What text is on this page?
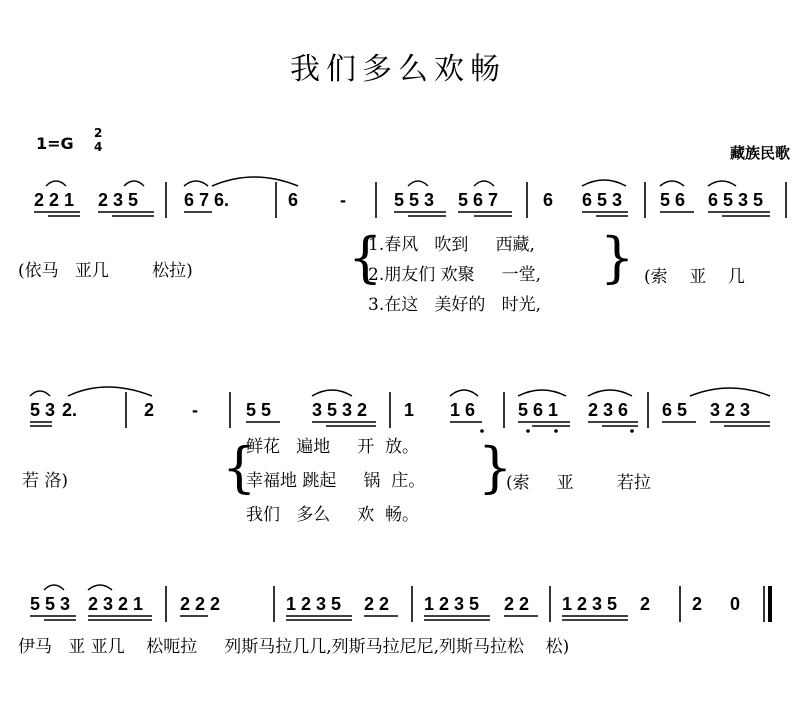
我们多么欢畅
1=G
2
4	藏族民歌
2 2 1 2 3 5	6 7 6.	6 -	5 5 3 5 6 7 6 6 5 3 5 6 6 5 3 5
(依马   亚几        松拉)	{
1.春风   吹到     西藏,
2.朋友们 欢聚     一堂,
3.在这   美好的   时光,
} (索    亚    几
5 3 2.	2 -	5 5 3 5 3 2 1 1 6 5 6 1 2 3 6 6 5 3 2 3
若 洛)	{
鲜花   遍地     开  放。
幸福地 跳起     锅  庄。
我们   多么     欢  畅。
}
(索     亚        若拉
5 5 3 2 3 2 1 2 2 2	1 2 3 5 2 2 1 2 3 5 2 2 1 2 3 5 2 2 0
伊马   亚 亚几    松呃拉     列斯马拉几几,列斯马拉尼尼,列斯马拉松    松)
